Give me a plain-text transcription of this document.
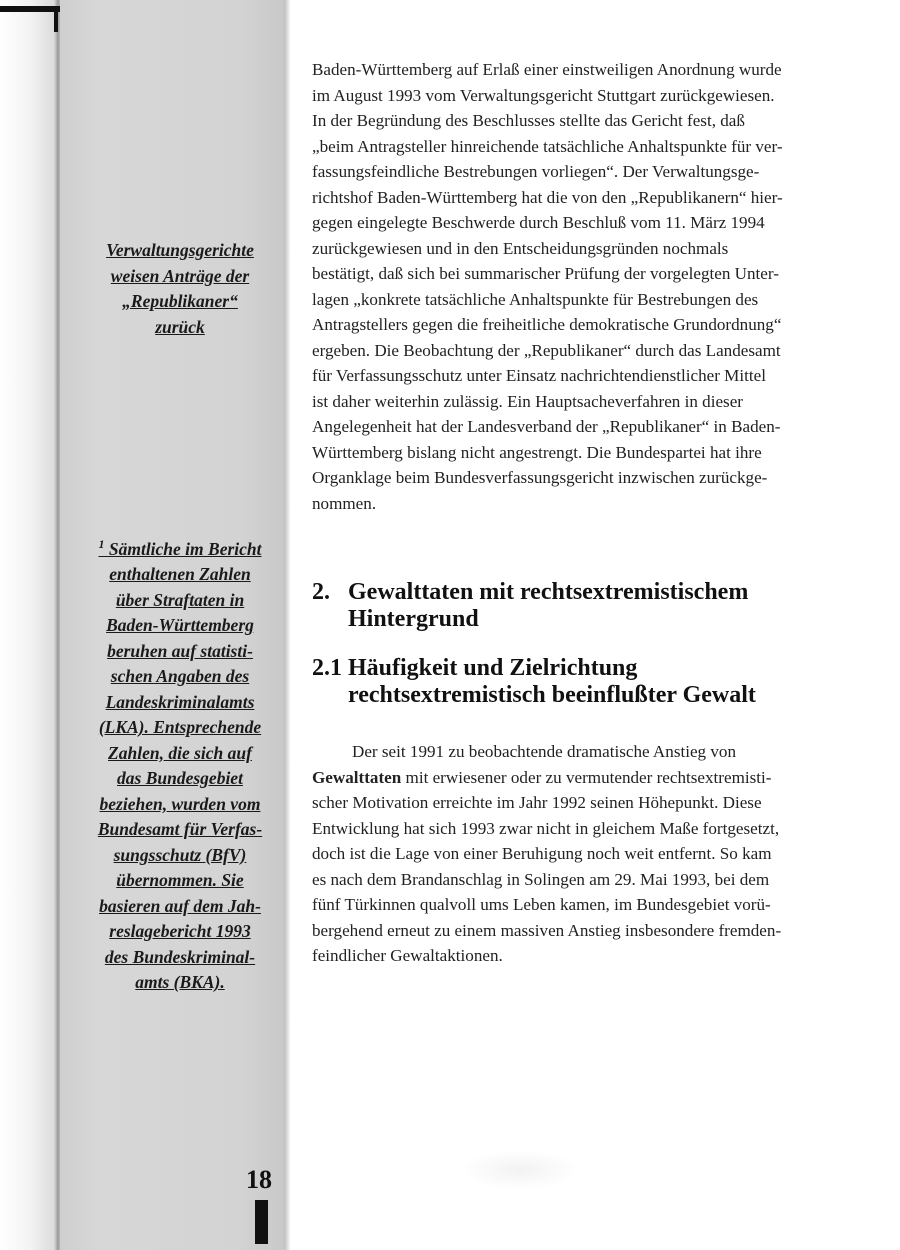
Verwaltungsgerichte
weisen Anträge der
„Republikaner“
zurück
$^1$ Sämtliche im Bericht
enthaltenen Zahlen
über Straftaten in
Baden-Württemberg
beruhen auf statisti-
schen Angaben des
Landeskriminalamts
(LKA). Entsprechende
Zahlen, die sich auf
das Bundesgebiet
beziehen, wurden vom
Bundesamt für Verfas-
sungsschutz (BfV)
übernommen. Sie
basieren auf dem Jah-
reslagebericht 1993
des Bundeskriminal-
amts (BKA).
18

Baden-Württemberg auf Erlaß einer einstweiligen Anordnung wurde
im August 1993 vom Verwaltungsgericht Stuttgart zurückgewiesen.
In der Begründung des Beschlusses stellte das Gericht fest, daß
„beim Antragsteller hinreichende tatsächliche Anhaltspunkte für ver-
fassungsfeindliche Bestrebungen vorliegen“. Der Verwaltungsge-
richtshof Baden-Württemberg hat die von den „Republikanern“ hier-
gegen eingelegte Beschwerde durch Beschluß vom 11. März 1994
zurückgewiesen und in den Entscheidungsgründen nochmals
bestätigt, daß sich bei summarischer Prüfung der vorgelegten Unter-
lagen „konkrete tatsächliche Anhaltspunkte für Bestrebungen des
Antragstellers gegen die freiheitliche demokratische Grundordnung“
ergeben. Die Beobachtung der „Republikaner“ durch das Landesamt
für Verfassungsschutz unter Einsatz nachrichtendienstlicher Mittel
ist daher weiterhin zulässig. Ein Hauptsacheverfahren in dieser
Angelegenheit hat der Landesverband der „Republikaner“ in Baden-
Württemberg bislang nicht angestrengt. Die Bundespartei hat ihre
Organklage beim Bundesverfassungsgericht inzwischen zurückge-
nommen.

2. Gewalttaten mit rechtsextremistischem
Hintergrund
2.1 Häufigkeit und Zielrichtung
rechtsextremistisch beeinflußter Gewalt

Der seit 1991 zu beobachtende dramatische Anstieg von
Gewalttaten mit erwiesener oder zu vermutender rechtsextremisti-
scher Motivation erreichte im Jahr 1992 seinen Höhepunkt. Diese
Entwicklung hat sich 1993 zwar nicht in gleichem Maße fortgesetzt,
doch ist die Lage von einer Beruhigung noch weit entfernt. So kam
es nach dem Brandanschlag in Solingen am 29. Mai 1993, bei dem
fünf Türkinnen qualvoll ums Leben kamen, im Bundesgebiet vorü-
bergehend erneut zu einem massiven Anstieg insbesondere fremden-
feindlicher Gewaltaktionen.
